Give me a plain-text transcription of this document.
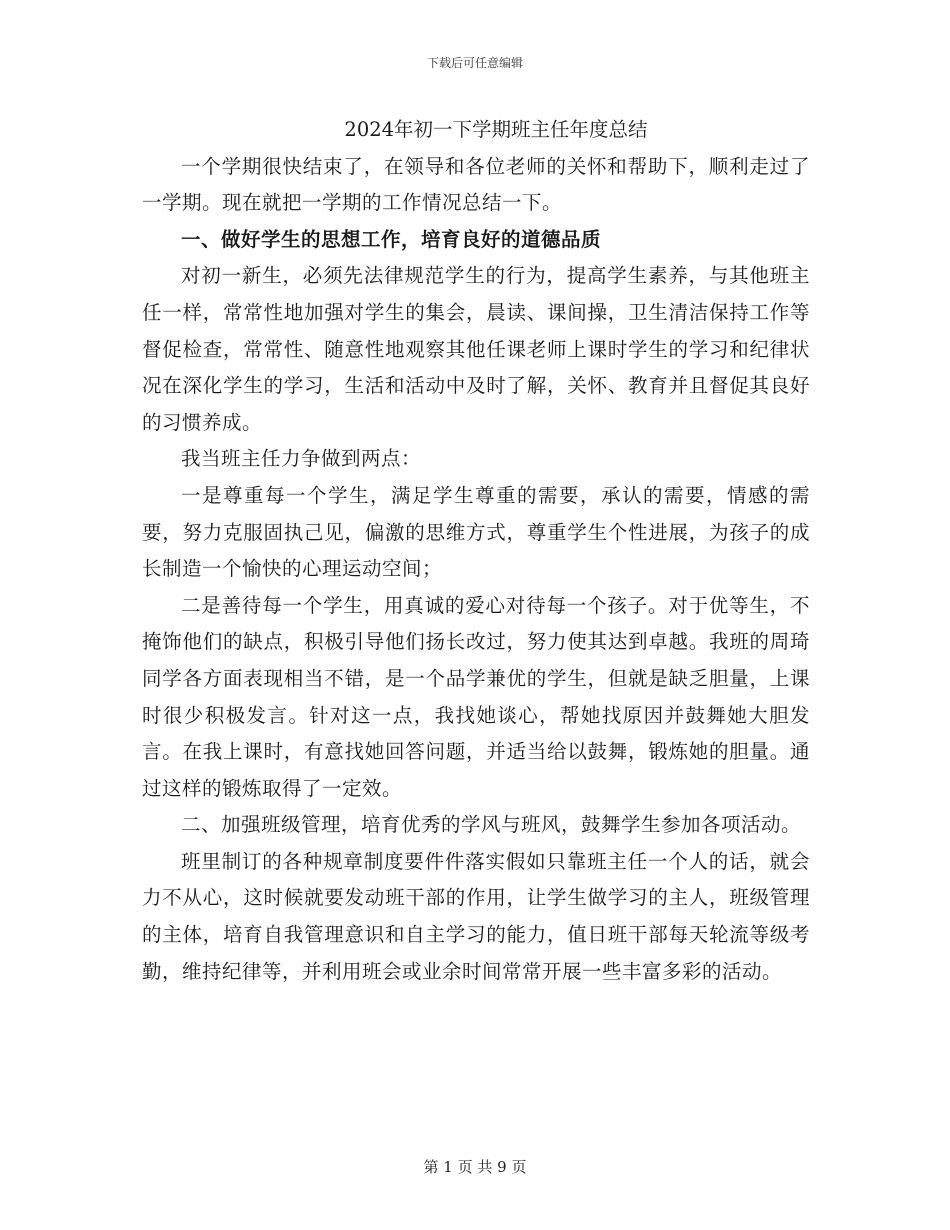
下载后可任意编辑
2024年初一下学期班主任年度总结

一个学期很快结束了，在领导和各位老师的关怀和帮助下，顺利走过了一学期。现在就把一学期的工作情况总结一下。

一、做好学生的思想工作，培育良好的道德品质

对初一新生，必须先法律规范学生的行为，提高学生素养，与其他班主任一样，常常性地加强对学生的集会，晨读、课间操，卫生清洁保持工作等督促检查，常常性、随意性地观察其他任课老师上课时学生的学习和纪律状况在深化学生的学习，生活和活动中及时了解，关怀、教育并且督促其良好的习惯养成。

我当班主任力争做到两点：

一是尊重每一个学生，满足学生尊重的需要，承认的需要，情感的需要，努力克服固执己见，偏激的思维方式，尊重学生个性进展，为孩子的成长制造一个愉快的心理运动空间；

二是善待每一个学生，用真诚的爱心对待每一个孩子。对于优等生，不掩饰他们的缺点，积极引导他们扬长改过，努力使其达到卓越。我班的周琦同学各方面表现相当不错，是一个品学兼优的学生，但就是缺乏胆量，上课时很少积极发言。针对这一点，我找她谈心，帮她找原因并鼓舞她大胆发言。在我上课时，有意找她回答问题，并适当给以鼓舞，锻炼她的胆量。通过这样的锻炼取得了一定效。

二、加强班级管理，培育优秀的学风与班风，鼓舞学生参加各项活动。

班里制订的各种规章制度要件件落实假如只靠班主任一个人的话，就会力不从心，这时候就要发动班干部的作用，让学生做学习的主人，班级管理的主体，培育自我管理意识和自主学习的能力，值日班干部每天轮流等级考勤，维持纪律等，并利用班会或业余时间常常开展一些丰富多彩的活动。

第 1 页 共 9 页
